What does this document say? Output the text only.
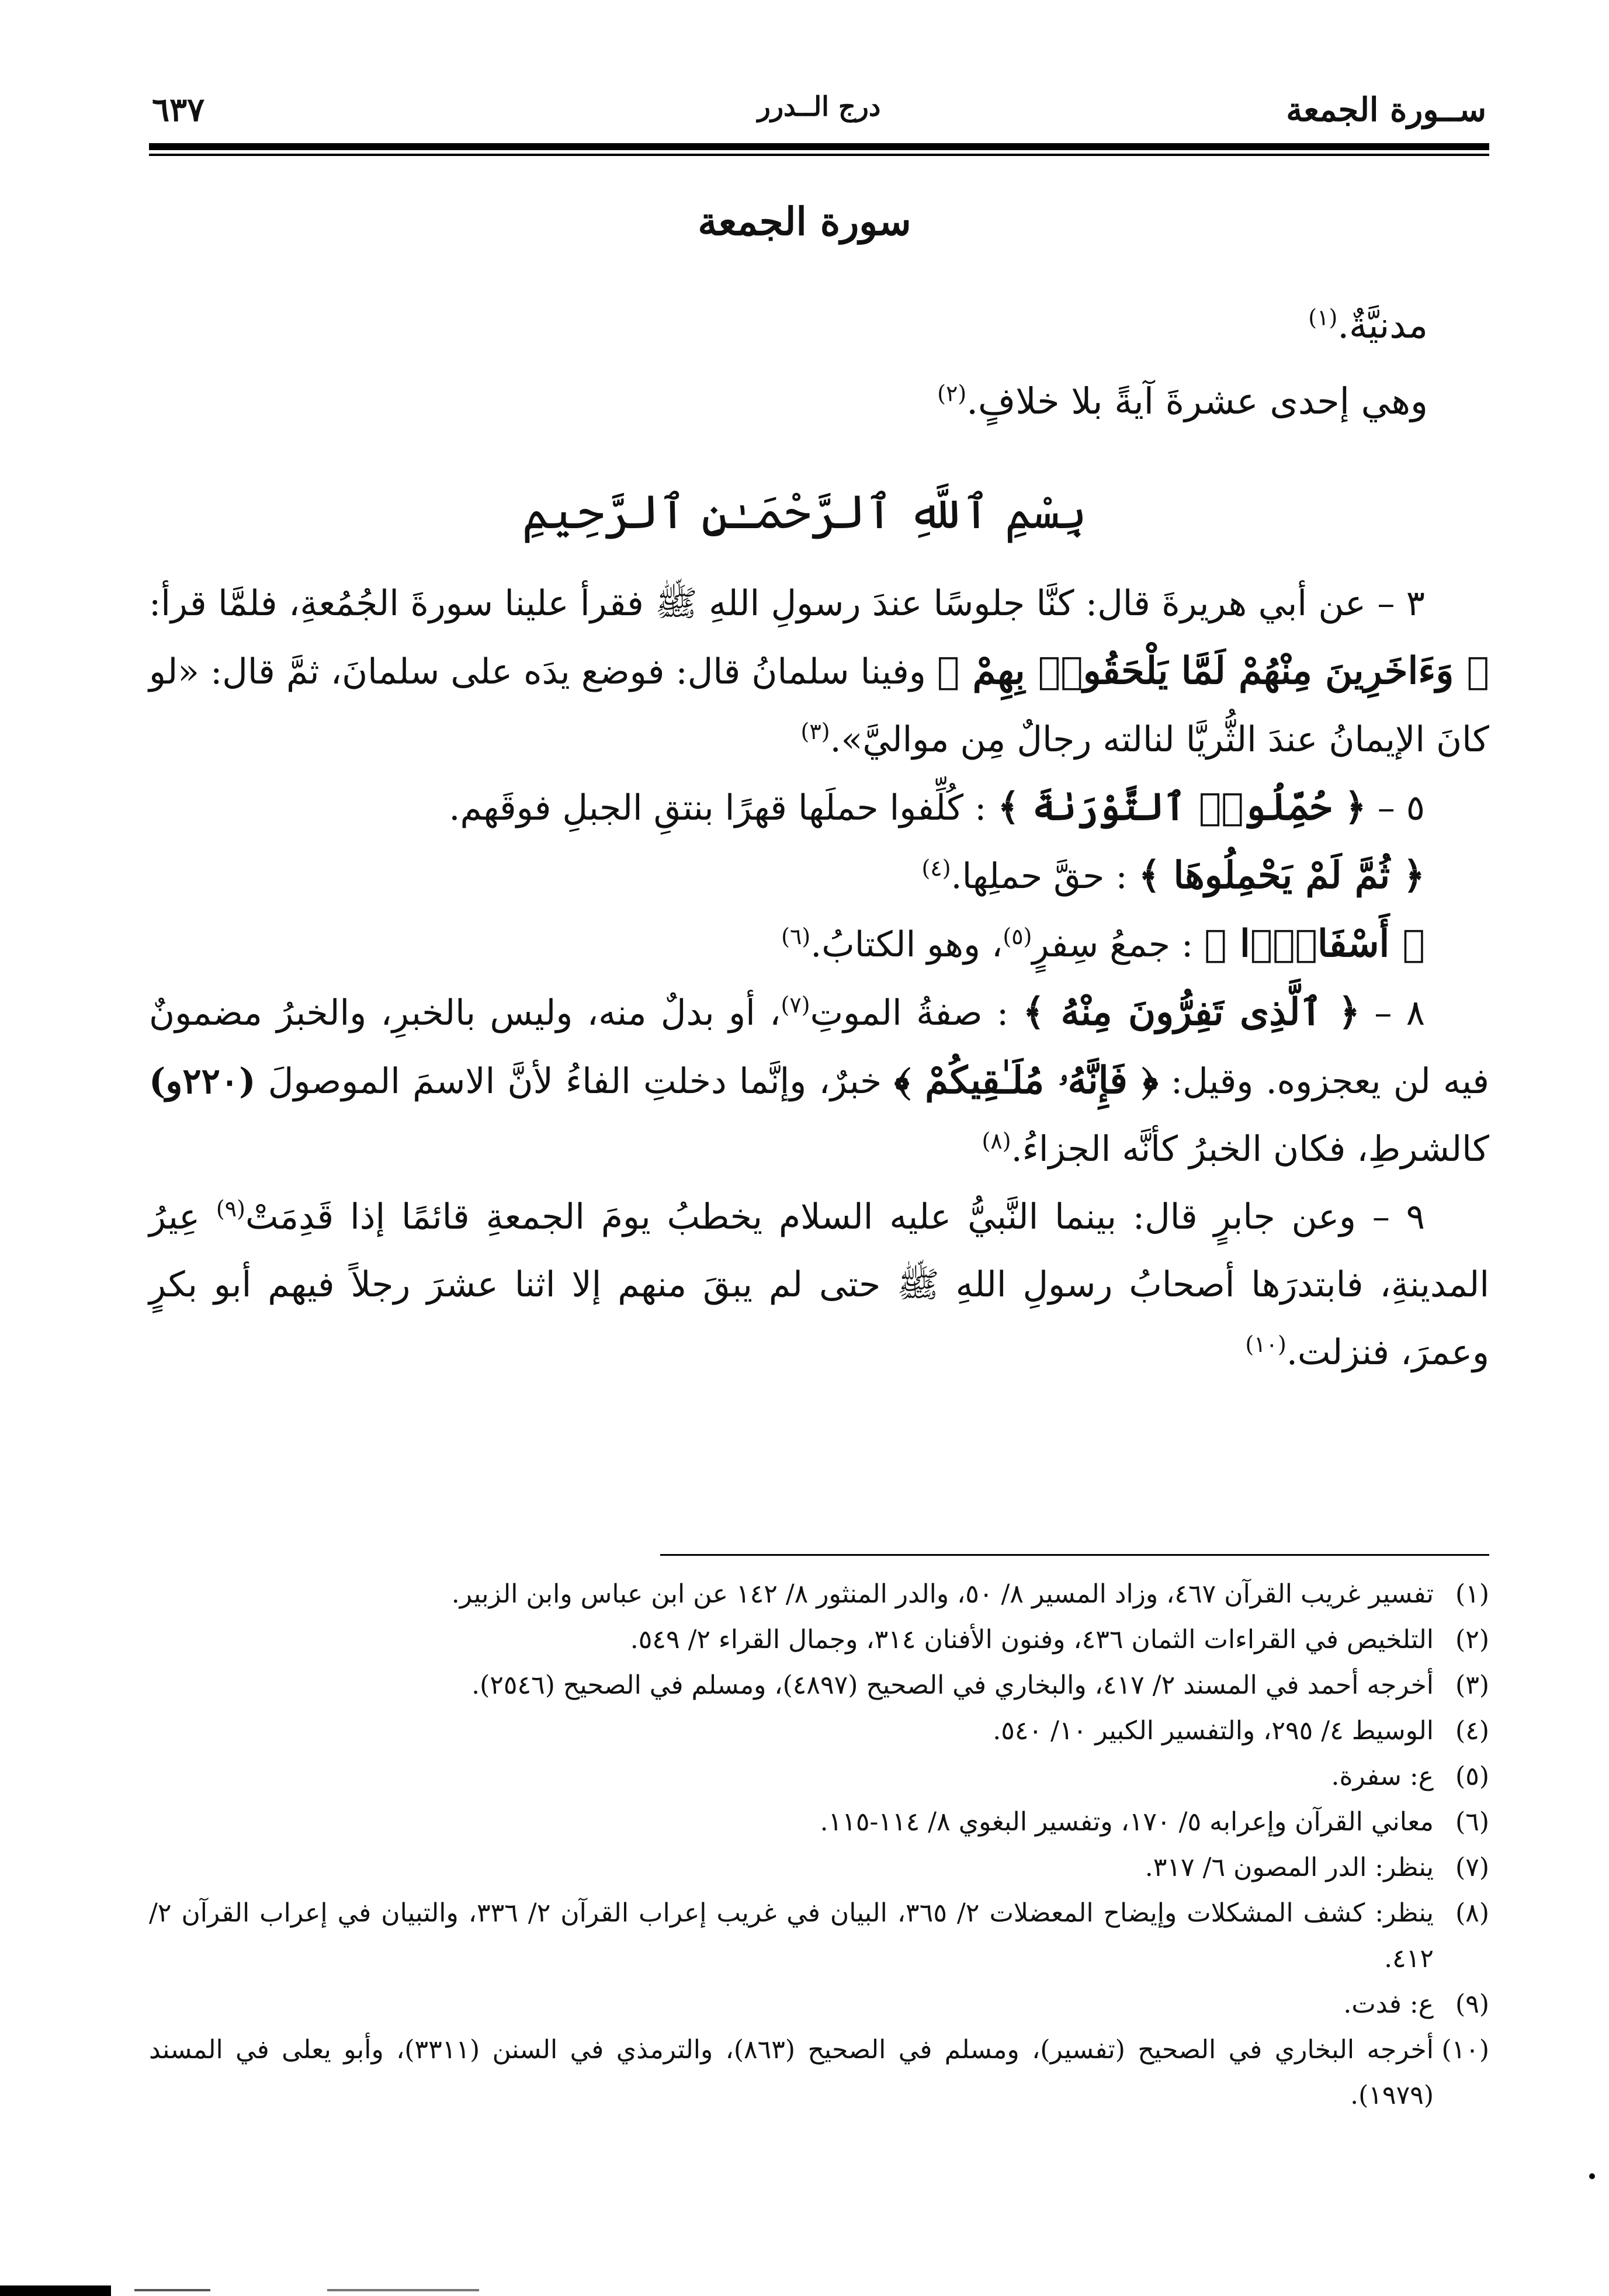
ســورة الجمعة
درج الــدرر
٦٣٧
سورة الجمعة
مدنيَّةٌ.$^{(١)}$
وهي إحدى عشرةَ آيةً بلا خلافٍ.$^{(٢)}$
بِسْمِ ٱللَّهِ ٱلرَّحْمَـٰنِ ٱلرَّحِيمِ

٣ – عن أبي هريرةَ قال: كنَّا جلوسًا عندَ رسولِ اللهِ ﷺ فقرأ علينا سورةَ الجُمُعةِ، فلمَّا قرأ: ﴿ وَءَاخَرِينَ مِنْهُمْ لَمَّا يَلْحَقُوا۟ بِهِمْ ﴾ وفينا سلمانُ قال: فوضع يدَه على سلمانَ، ثمَّ قال: «لو كانَ الإيمانُ عندَ الثُّريَّا لنالته رجالٌ مِن مواليَّ».$^{(٣)}$

٥ – ﴿ حُمِّلُوا۟ ٱلتَّوْرَىٰةَ ﴾ : كُلِّفوا حملَها قهرًا بنتقِ الجبلِ فوقَهم.

﴿ ثُمَّ لَمْ يَحْمِلُوهَا ﴾ : حقَّ حملِها.$^{(٤)}$

﴿ أَسْفَارًۢا ﴾ : جمعُ سِفرٍ$^{(٥)}$، وهو الكتابُ.$^{(٦)}$

٨ – ﴿ ٱلَّذِى تَفِرُّونَ مِنْهُ ﴾ : صفةُ الموتِ$^{(٧)}$، أو بدلٌ منه، وليس بالخبرِ، والخبرُ مضمونٌ فيه لن يعجزوه. وقيل: ﴿ فَإِنَّهُۥ مُلَـٰقِيكُمْ ﴾ خبرٌ، وإنَّما دخلتِ الفاءُ لأنَّ الاسمَ الموصولَ (٢٢٠و) كالشرطِ، فكان الخبرُ كأنَّه الجزاءُ.$^{(٨)}$

٩ – وعن جابرٍ قال: بينما النَّبيُّ عليه السلام يخطبُ يومَ الجمعةِ قائمًا إذا قَدِمَتْ$^{(٩)}$ عِيرُ المدينةِ، فابتدرَها أصحابُ رسولِ اللهِ ﷺ حتى لم يبقَ منهم إلا اثنا عشرَ رجلاً فيهم أبو بكرٍ وعمرَ، فنزلت.$^{(١٠)}$

(١)تفسير غريب القرآن ٤٦٧، وزاد المسير ٨/ ٥٠، والدر المنثور ٨/ ١٤٢ عن ابن عباس وابن الزبير.

(٢)التلخيص في القراءات الثمان ٤٣٦، وفنون الأفنان ٣١٤، وجمال القراء ٢/ ٥٤٩.

(٣)أخرجه أحمد في المسند ٢/ ٤١٧، والبخاري في الصحيح (٤٨٩٧)، ومسلم في الصحيح (٢٥٤٦).

(٤)الوسيط ٤/ ٢٩٥، والتفسير الكبير ١٠/ ٥٤٠.

(٥)ع: سفرة.

(٦)معاني القرآن وإعرابه ٥/ ١٧٠، وتفسير البغوي ٨/ ١١٤-١١٥.

(٧)ينظر: الدر المصون ٦/ ٣١٧.

(٨)ينظر: كشف المشكلات وإيضاح المعضلات ٢/ ٣٦٥، البيان في غريب إعراب القرآن ٢/ ٣٣٦، والتبيان في إعراب القرآن ٢/ ٤١٢.

(٩)ع: فدت.

(١٠)أخرجه البخاري في الصحيح (تفسير)، ومسلم في الصحيح (٨٦٣)، والترمذي في السنن (٣٣١١)، وأبو يعلى في المسند (١٩٧٩).
